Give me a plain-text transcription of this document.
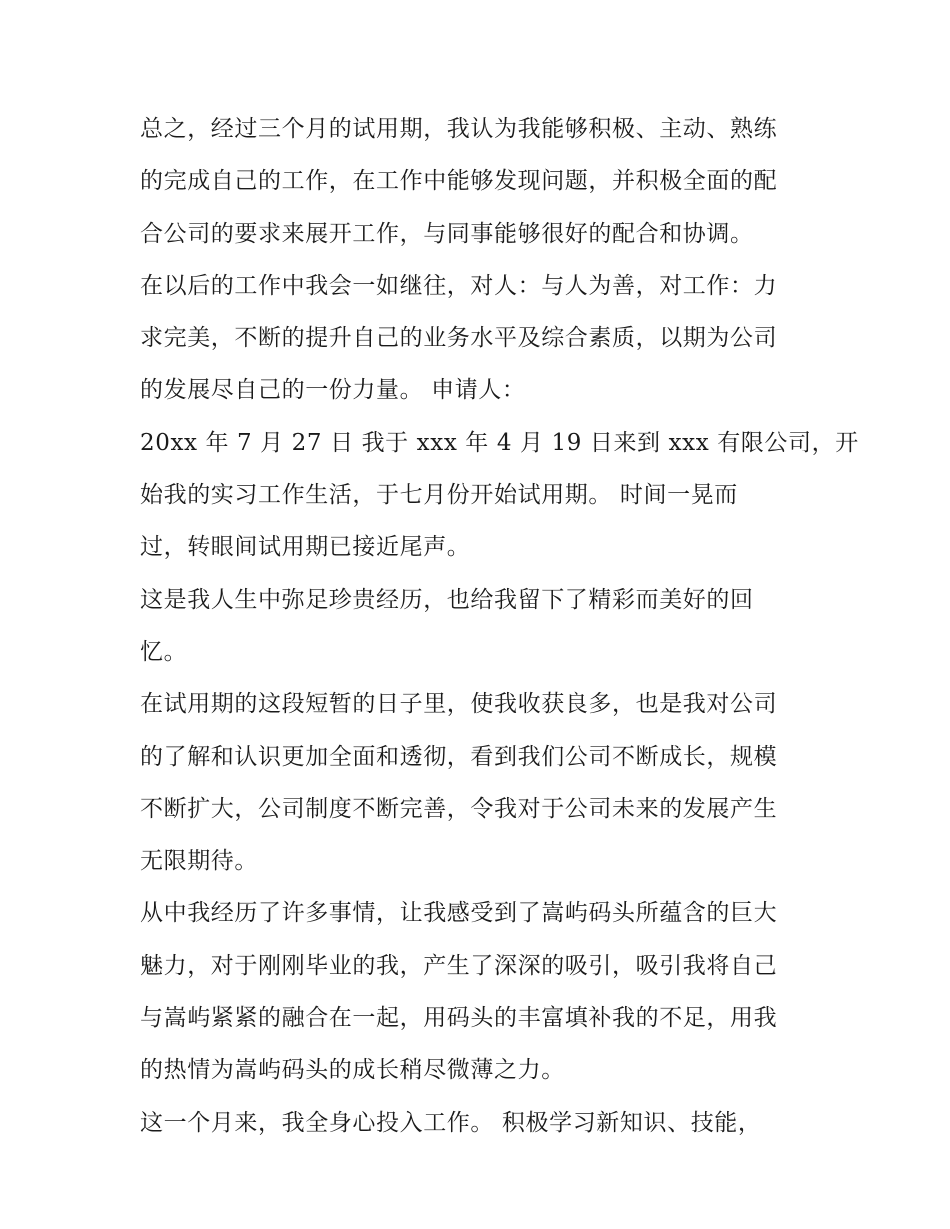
总之，经过三个月的试用期，我认为我能够积极、主动、熟练
的完成自己的工作，在工作中能够发现问题，并积极全面的配
合公司的要求来展开工作，与同事能够很好的配合和协调。
在以后的工作中我会一如继往，对人：与人为善，对工作：力
求完美，不断的提升自己的业务水平及综合素质，以期为公司
的发展尽自己的一份力量。 申请人：
20xx 年 7 月 27 日 我于 xxx 年 4 月 19 日来到 xxx 有限公司，开
始我的实习工作生活，于七月份开始试用期。 时间一晃而
过，转眼间试用期已接近尾声。
这是我人生中弥足珍贵经历，也给我留下了精彩而美好的回
忆。
在试用期的这段短暂的日子里，使我收获良多，也是我对公司
的了解和认识更加全面和透彻，看到我们公司不断成长，规模
不断扩大，公司制度不断完善，令我对于公司未来的发展产生
无限期待。
从中我经历了许多事情，让我感受到了嵩屿码头所蕴含的巨大
魅力，对于刚刚毕业的我，产生了深深的吸引，吸引我将自己
与嵩屿紧紧的融合在一起，用码头的丰富填补我的不足，用我
的热情为嵩屿码头的成长稍尽微薄之力。
这一个月来，我全身心投入工作。 积极学习新知识、技能，
